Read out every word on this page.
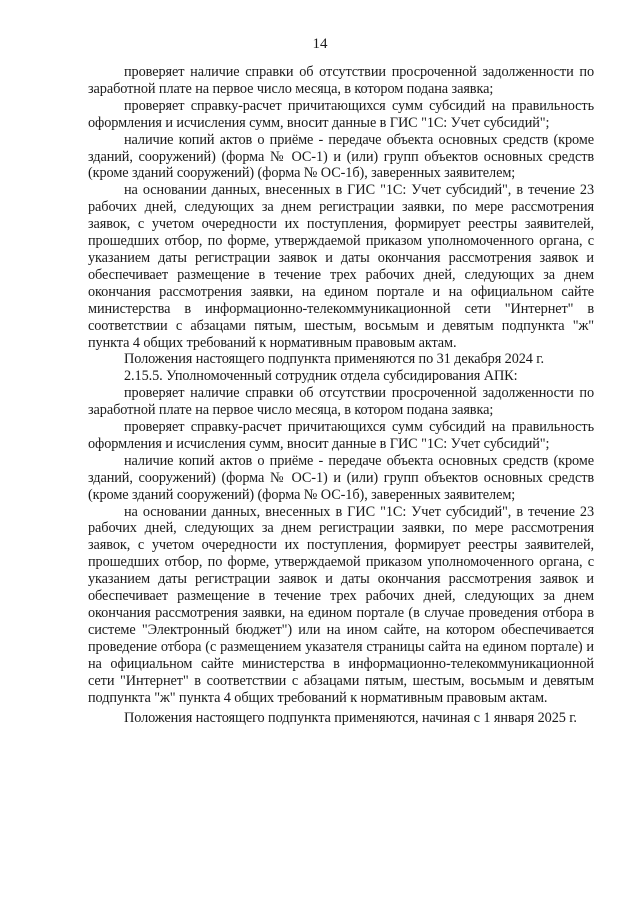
14

проверяет наличие справки об отсутствии просроченной задолженности по заработной плате на первое число месяца, в котором подана заявка;

проверяет справку-расчет причитающихся сумм субсидий на правильность оформления и исчисления сумм, вносит данные в ГИС "1С: Учет субсидий";

наличие копий актов о приёме - передаче объекта основных средств (кроме зданий, сооружений) (форма № ОС-1) и (или) групп объектов основных средств (кроме зданий сооружений) (форма № ОС-1б), заверенных заявителем;

на основании данных, внесенных в ГИС "1С: Учет субсидий", в течение 23 рабочих дней, следующих за днем регистрации заявки, по мере рассмотрения заявок, с учетом очередности их поступления, формирует реестры заявителей, прошедших отбор, по форме, утверждаемой приказом уполномоченного органа, с указанием даты регистрации заявок и даты окончания рассмотрения заявок и обеспечивает размещение в течение трех рабочих дней, следующих за днем окончания рассмотрения заявки, на едином портале и на официальном сайте министерства в информационно-телекоммуникационной сети "Интернет" в соответствии с абзацами пятым, шестым, восьмым и девятым подпункта "ж" пункта 4 общих требований к нормативным правовым актам.

Положения настоящего подпункта применяются по 31 декабря 2024 г.

2.15.5. Уполномоченный сотрудник отдела субсидирования АПК:

проверяет наличие справки об отсутствии просроченной задолженности по заработной плате на первое число месяца, в котором подана заявка;

проверяет справку-расчет причитающихся сумм субсидий на правильность оформления и исчисления сумм, вносит данные в ГИС "1С: Учет субсидий";

наличие копий актов о приёме - передаче объекта основных средств (кроме зданий, сооружений) (форма № ОС-1) и (или) групп объектов основных средств (кроме зданий сооружений) (форма № ОС-1б), заверенных заявителем;

на основании данных, внесенных в ГИС "1С: Учет субсидий", в течение 23 рабочих дней, следующих за днем регистрации заявки, по мере рассмотрения заявок, с учетом очередности их поступления, формирует реестры заявителей, прошедших отбор, по форме, утверждаемой приказом уполномоченного органа, с указанием даты регистрации заявок и даты окончания рассмотрения заявок и обеспечивает размещение в течение трех рабочих дней, следующих за днем окончания рассмотрения заявки, на едином портале (в случае проведения отбора в системе "Электронный бюджет") или на ином сайте, на котором обеспечивается проведение отбора (с размещением указателя страницы сайта на едином портале) и на официальном сайте министерства в информационно-телекоммуникационной сети "Интернет" в соответствии с абзацами пятым, шестым, восьмым и девятым подпункта "ж" пункта 4 общих требований к нормативным правовым актам.

Положения настоящего подпункта применяются, начиная с 1 января 2025 г.
